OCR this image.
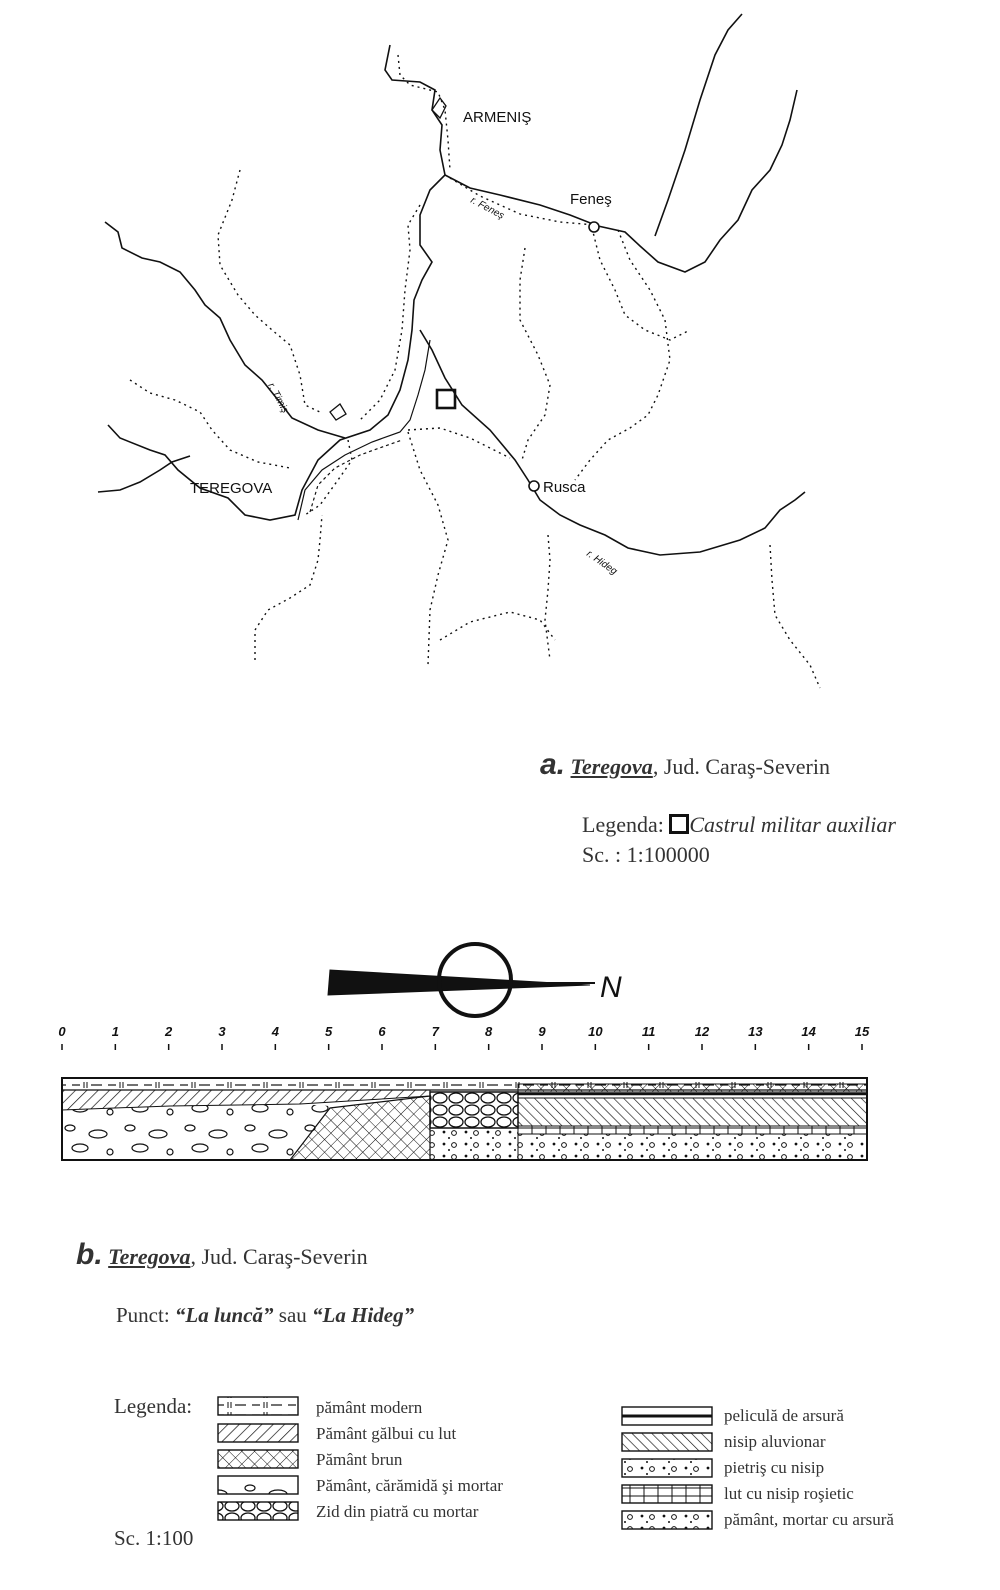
ARMENIŞ
Feneş
Rusca
TEREGOVA
r. Feneş
r. Timiş
r. Hideg
N
0	1	2	3	4	5	6	7	8	9	10	11	12	13	14	15
a. Teregova, Jud. Caraş-Severin
Legenda: Castrul militar auxiliar
Sc. : 1:100000
b. Teregova, Jud. Caraş-Severin
Punct: “La luncă” sau “La Hideg”
Legenda:
Sc. 1:100
pământ modern
Pământ gălbui cu lut
Pământ brun
Pământ, cărămidă şi mortar
Zid din piatră cu mortar
peliculă de arsură
nisip aluvionar
pietriş cu nisip
lut cu nisip roşietic
pământ, mortar cu arsură
